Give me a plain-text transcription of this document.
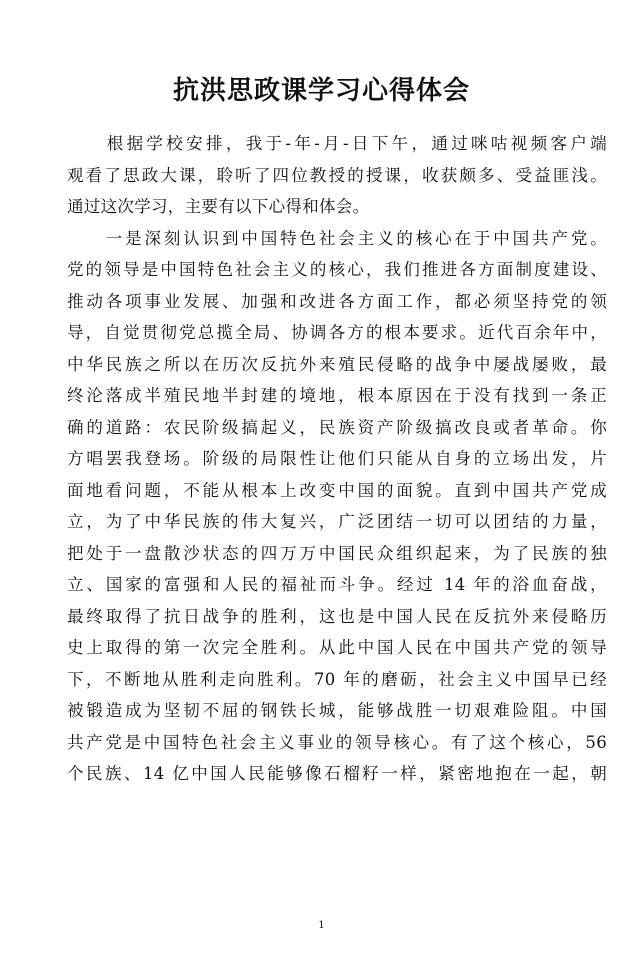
抗洪思政课学习心得体会
　　根据学校安排，我于-年-月-日下午，通过咪咕视频客户端
观看了思政大课，聆听了四位教授的授课，收获颇多、受益匪浅。
通过这次学习，主要有以下心得和体会。
　　一是深刻认识到中国特色社会主义的核心在于中国共产党。
党的领导是中国特色社会主义的核心，我们推进各方面制度建设、
推动各项事业发展、加强和改进各方面工作，都必须坚持党的领
导，自觉贯彻党总揽全局、协调各方的根本要求。近代百余年中，
中华民族之所以在历次反抗外来殖民侵略的战争中屡战屡败，最
终沦落成半殖民地半封建的境地，根本原因在于没有找到一条正
确的道路：农民阶级搞起义，民族资产阶级搞改良或者革命。你
方唱罢我登场。阶级的局限性让他们只能从自身的立场出发，片
面地看问题，不能从根本上改变中国的面貌。直到中国共产党成
立，为了中华民族的伟大复兴，广泛团结一切可以团结的力量，
把处于一盘散沙状态的四万万中国民众组织起来，为了民族的独
立、国家的富强和人民的福祉而斗争。经过 14 年的浴血奋战，
最终取得了抗日战争的胜利，这也是中国人民在反抗外来侵略历
史上取得的第一次完全胜利。从此中国人民在中国共产党的领导
下，不断地从胜利走向胜利。70 年的磨砺，社会主义中国早已经
被锻造成为坚韧不屈的钢铁长城，能够战胜一切艰难险阻。中国
共产党是中国特色社会主义事业的领导核心。有了这个核心，56
个民族、14 亿中国人民能够像石榴籽一样，紧密地抱在一起，朝
1
